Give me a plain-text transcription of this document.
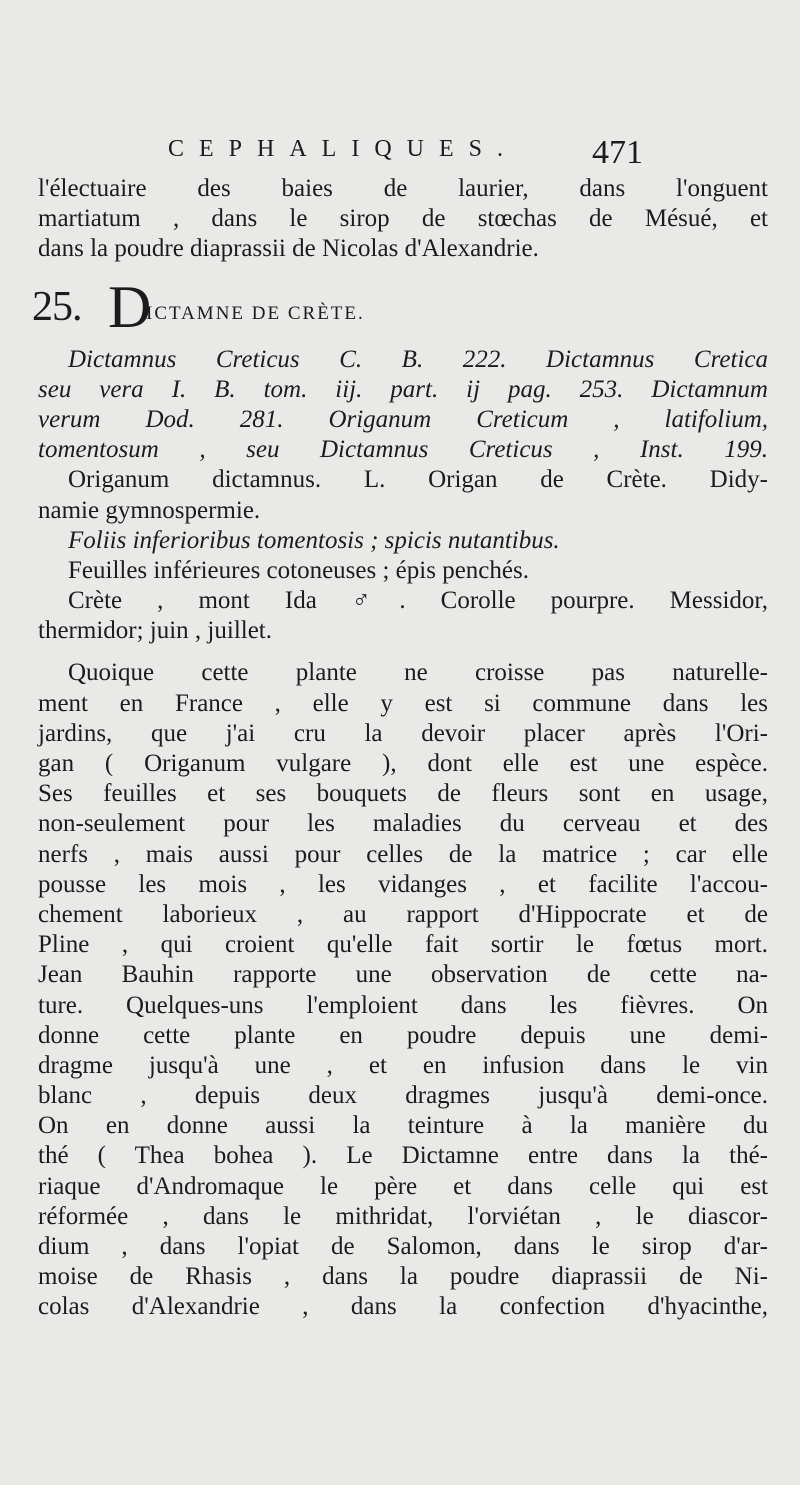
CEPHALIQUES. 471
l'électuaire des baies de laurier, dans l'onguent
martiatum , dans le sirop de stœchas de Mésué, et
dans la poudre diaprassii de Nicolas d'Alexandrie.
25. D
ICTAMNE DE CRÈTE.
Dictamnus Creticus C. B. 222. Dictamnus Cretica
seu vera I. B. tom. iij. part. ij pag. 253. Dictamnum
verum Dod. 281. Origanum Creticum , latifolium,
tomentosum , seu Dictamnus Creticus , Inst. 199.
Origanum dictamnus. L. Origan de Crète. Didy-
namie gymnospermie.
Foliis inferioribus tomentosis ; spicis nutantibus.
Feuilles inférieures cotoneuses ; épis penchés.
Crète , mont Ida ♂. Corolle pourpre. Messidor,
thermidor; juin , juillet.
Quoique cette plante ne croisse pas naturelle-
ment en France , elle y est si commune dans les
jardins, que j'ai cru la devoir placer après l'Ori-
gan ( Origanum vulgare ), dont elle est une espèce.
Ses feuilles et ses bouquets de fleurs sont en usage,
non-seulement pour les maladies du cerveau et des
nerfs , mais aussi pour celles de la matrice ; car elle
pousse les mois , les vidanges , et facilite l'accou-
chement laborieux , au rapport d'Hippocrate et de
Pline , qui croient qu'elle fait sortir le fœtus mort.
Jean Bauhin rapporte une observation de cette na-
ture. Quelques-uns l'emploient dans les fièvres. On
donne cette plante en poudre depuis une demi-
dragme jusqu'à une , et en infusion dans le vin
blanc , depuis deux dragmes jusqu'à demi-once.
On en donne aussi la teinture à la manière du
thé ( Thea bohea ). Le Dictamne entre dans la thé-
riaque d'Andromaque le père et dans celle qui est
réformée , dans le mithridat, l'orviétan , le diascor-
dium , dans l'opiat de Salomon, dans le sirop d'ar-
moise de Rhasis , dans la poudre diaprassii de Ni-
colas d'Alexandrie , dans la confection d'hyacinthe,
